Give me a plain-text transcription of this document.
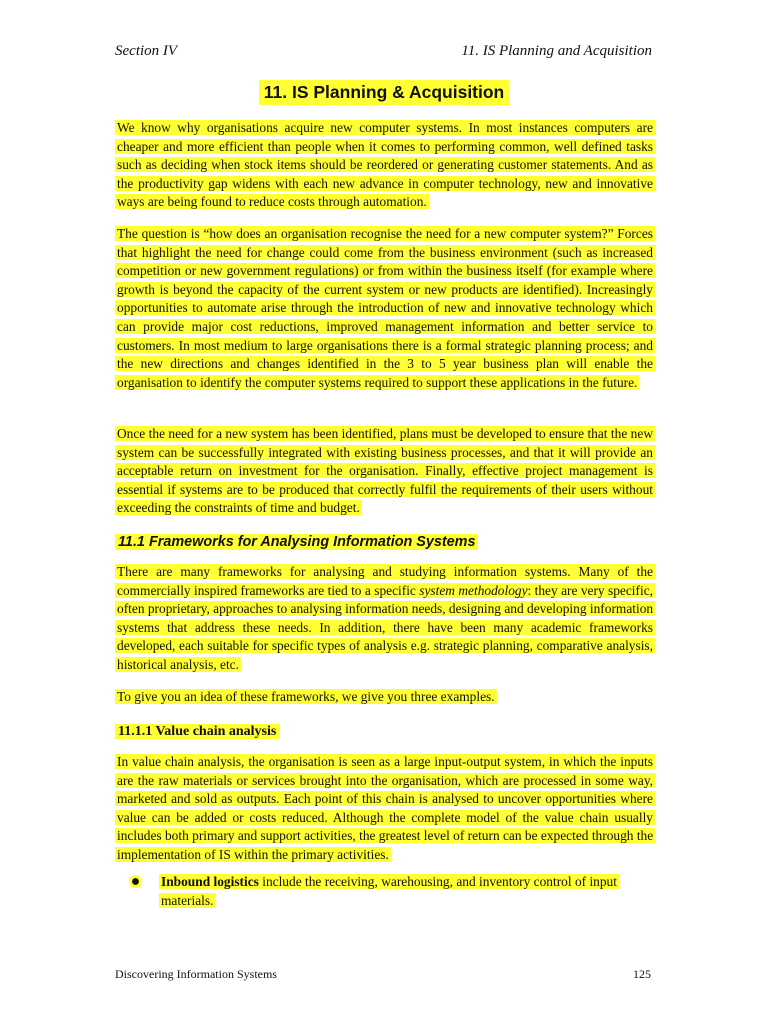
Section IV	11. IS Planning and Acquisition
11. IS Planning & Acquisition

We know why organisations acquire new computer systems. In most instances computers are cheaper and more efficient than people when it comes to performing common, well defined tasks such as deciding when stock items should be reordered or generating customer statements. And as the productivity gap widens with each new advance in computer technology, new and innovative ways are being found to reduce costs through automation.

The question is “how does an organisation recognise the need for a new computer system?” Forces that highlight the need for change could come from the business environment (such as increased competition or new government regulations) or from within the business itself (for example where growth is beyond the capacity of the current system or new products are identified). Increasingly opportunities to automate arise through the introduction of new and innovative technology which can provide major cost reductions, improved management information and better service to customers. In most medium to large organisations there is a formal strategic planning process; and the new directions and changes identified in the 3 to 5 year business plan will enable the organisation to identify the computer systems required to support these applications in the future.

Once the need for a new system has been identified, plans must be developed to ensure that the new system can be successfully integrated with existing business processes, and that it will provide an acceptable return on investment for the organisation. Finally, effective project management is essential if systems are to be produced that correctly fulfil the requirements of their users without exceeding the constraints of time and budget.

11.1 Frameworks for Analysing Information Systems

There are many frameworks for analysing and studying information systems. Many of the commercially inspired frameworks are tied to a specific system methodology: they are very specific, often proprietary, approaches to analysing information needs, designing and developing information systems that address these needs. In addition, there have been many academic frameworks developed, each suitable for specific types of analysis e.g. strategic planning, comparative analysis, historical analysis, etc.

To give you an idea of these frameworks, we give you three examples.

11.1.1 Value chain analysis

In value chain analysis, the organisation is seen as a large input-output system, in which the inputs are the raw materials or services brought into the organisation, which are processed in some way, marketed and sold as outputs. Each point of this chain is analysed to uncover opportunities where value can be added or costs reduced. Although the complete model of the value chain usually includes both primary and support activities, the greatest level of return can be expected through the implementation of IS within the primary activities.

Inbound logistics include the receiving, warehousing, and inventory control of input materials.
Discovering Information Systems	125
